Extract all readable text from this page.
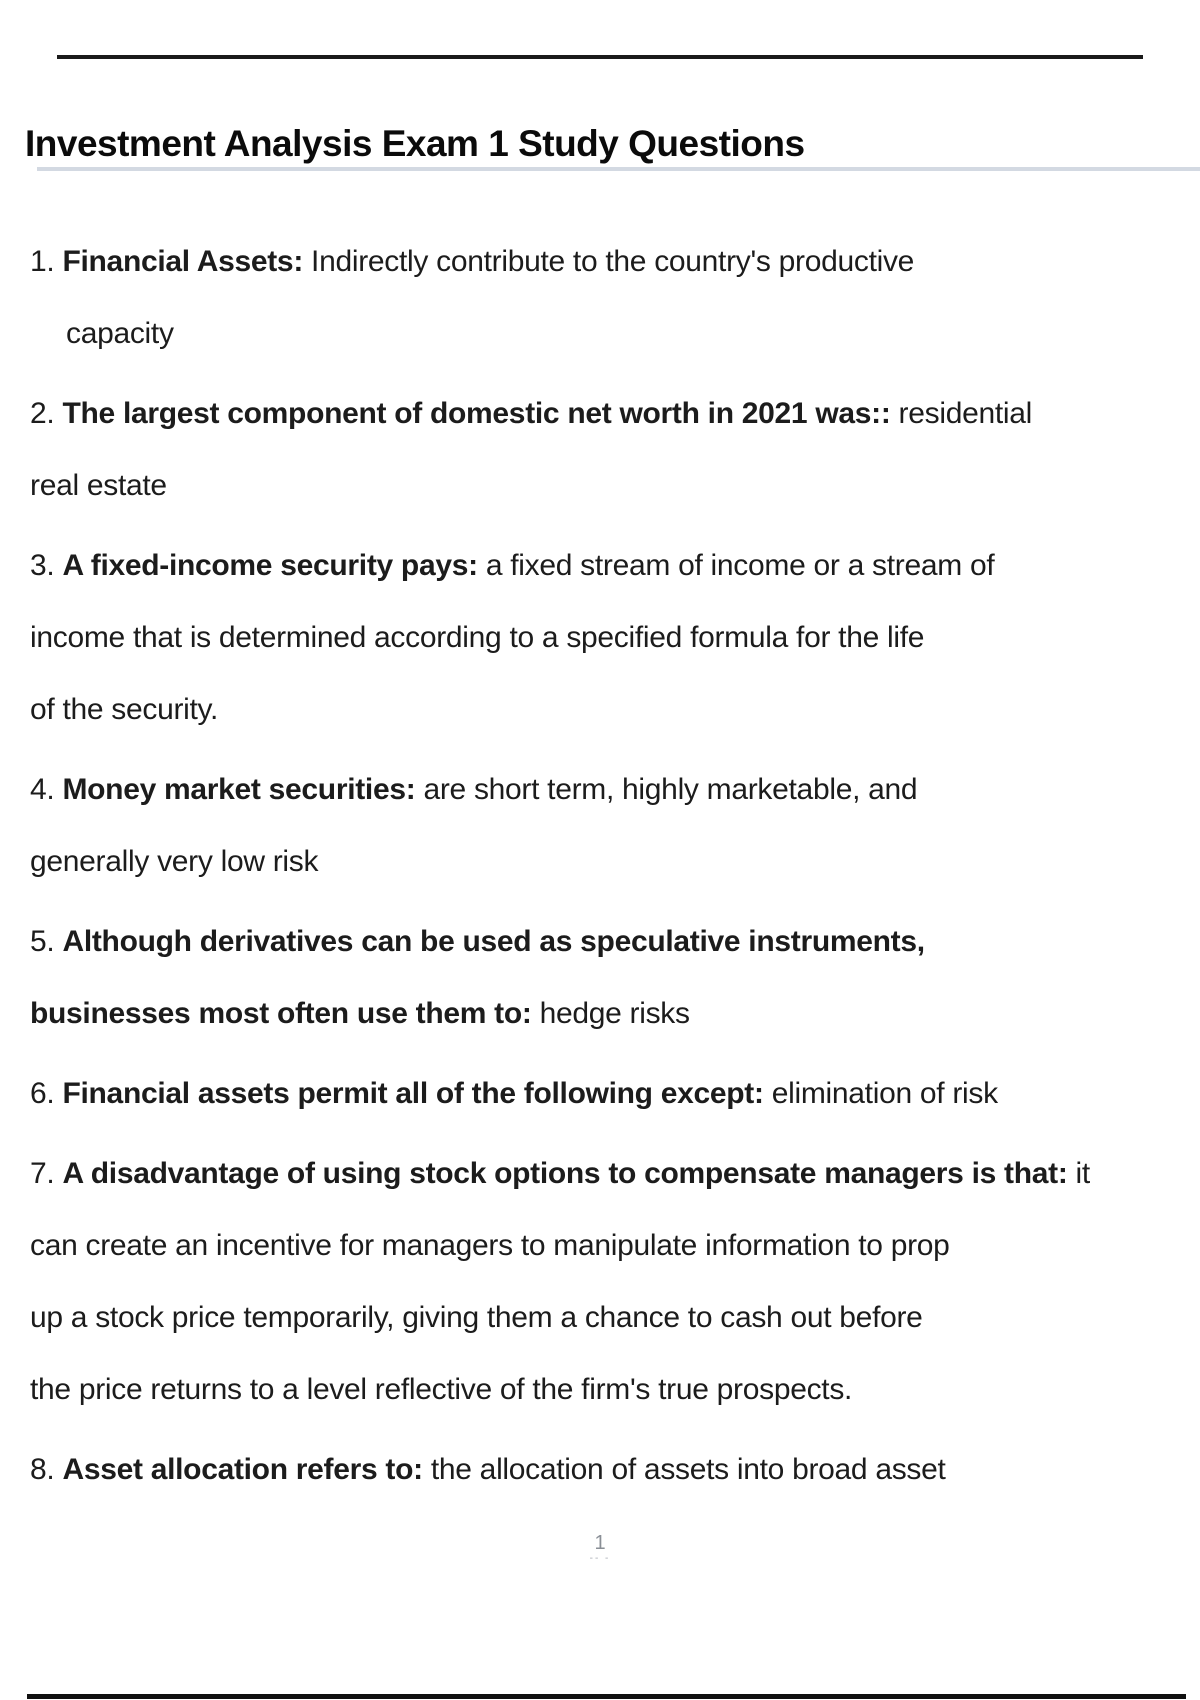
Investment Analysis Exam 1 Study Questions
1. Financial Assets: Indirectly contribute to the country's productive
capacity
2. The largest component of domestic net worth in 2021 was:: residential
real estate
3. A fixed-income security pays: a fixed stream of income or a stream of
income that is determined according to a specified formula for the life
of the security.
4. Money market securities: are short term, highly marketable, and
generally very low risk
5. Although derivatives can be used as speculative instruments,
businesses most often use them to: hedge risks
6. Financial assets permit all of the following except: elimination of risk
7. A disadvantage of using stock options to compensate managers is that: it
can create an incentive for managers to manipulate information to prop
up a stock price temporarily, giving them a chance to cash out before
the price returns to a level reflective of the firm's true prospects.
8. Asset allocation refers to: the allocation of assets into broad asset
1
-- -
